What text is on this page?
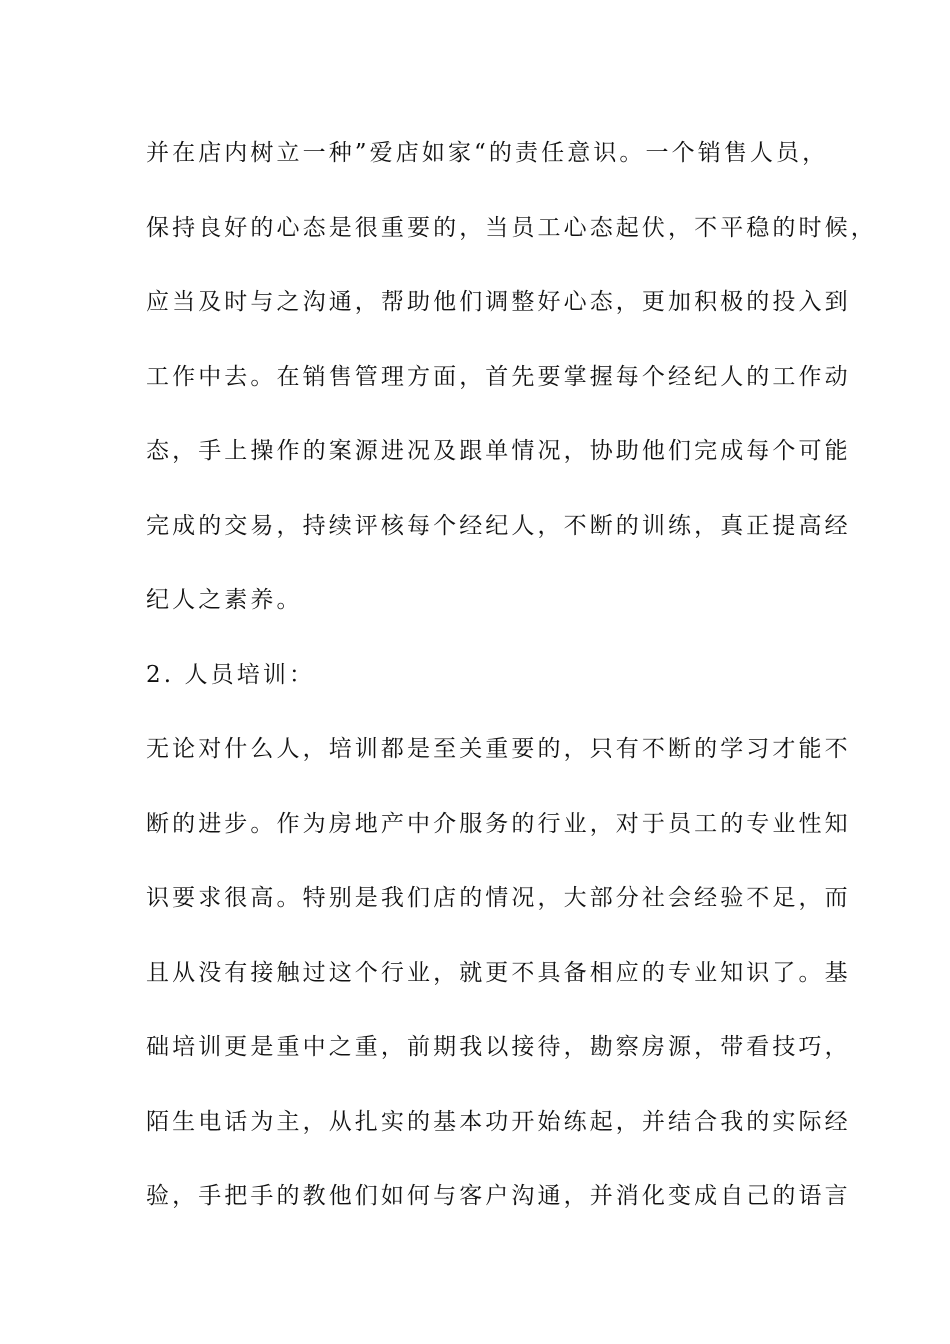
并在店内树立一种”爱店如家“的责任意识。一个销售人员，
保持良好的心态是很重要的，当员工心态起伏，不平稳的时候，
应当及时与之沟通，帮助他们调整好心态，更加积极的投入到
工作中去。在销售管理方面，首先要掌握每个经纪人的工作动
态，手上操作的案源进况及跟单情况，协助他们完成每个可能
完成的交易，持续评核每个经纪人，不断的训练，真正提高经
纪人之素养。
2. 人员培训：
无论对什么人，培训都是至关重要的，只有不断的学习才能不
断的进步。作为房地产中介服务的行业，对于员工的专业性知
识要求很高。特别是我们店的情况，大部分社会经验不足，而
且从没有接触过这个行业，就更不具备相应的专业知识了。基
础培训更是重中之重，前期我以接待，勘察房源，带看技巧，
陌生电话为主，从扎实的基本功开始练起，并结合我的实际经
验，手把手的教他们如何与客户沟通，并消化变成自己的语言
